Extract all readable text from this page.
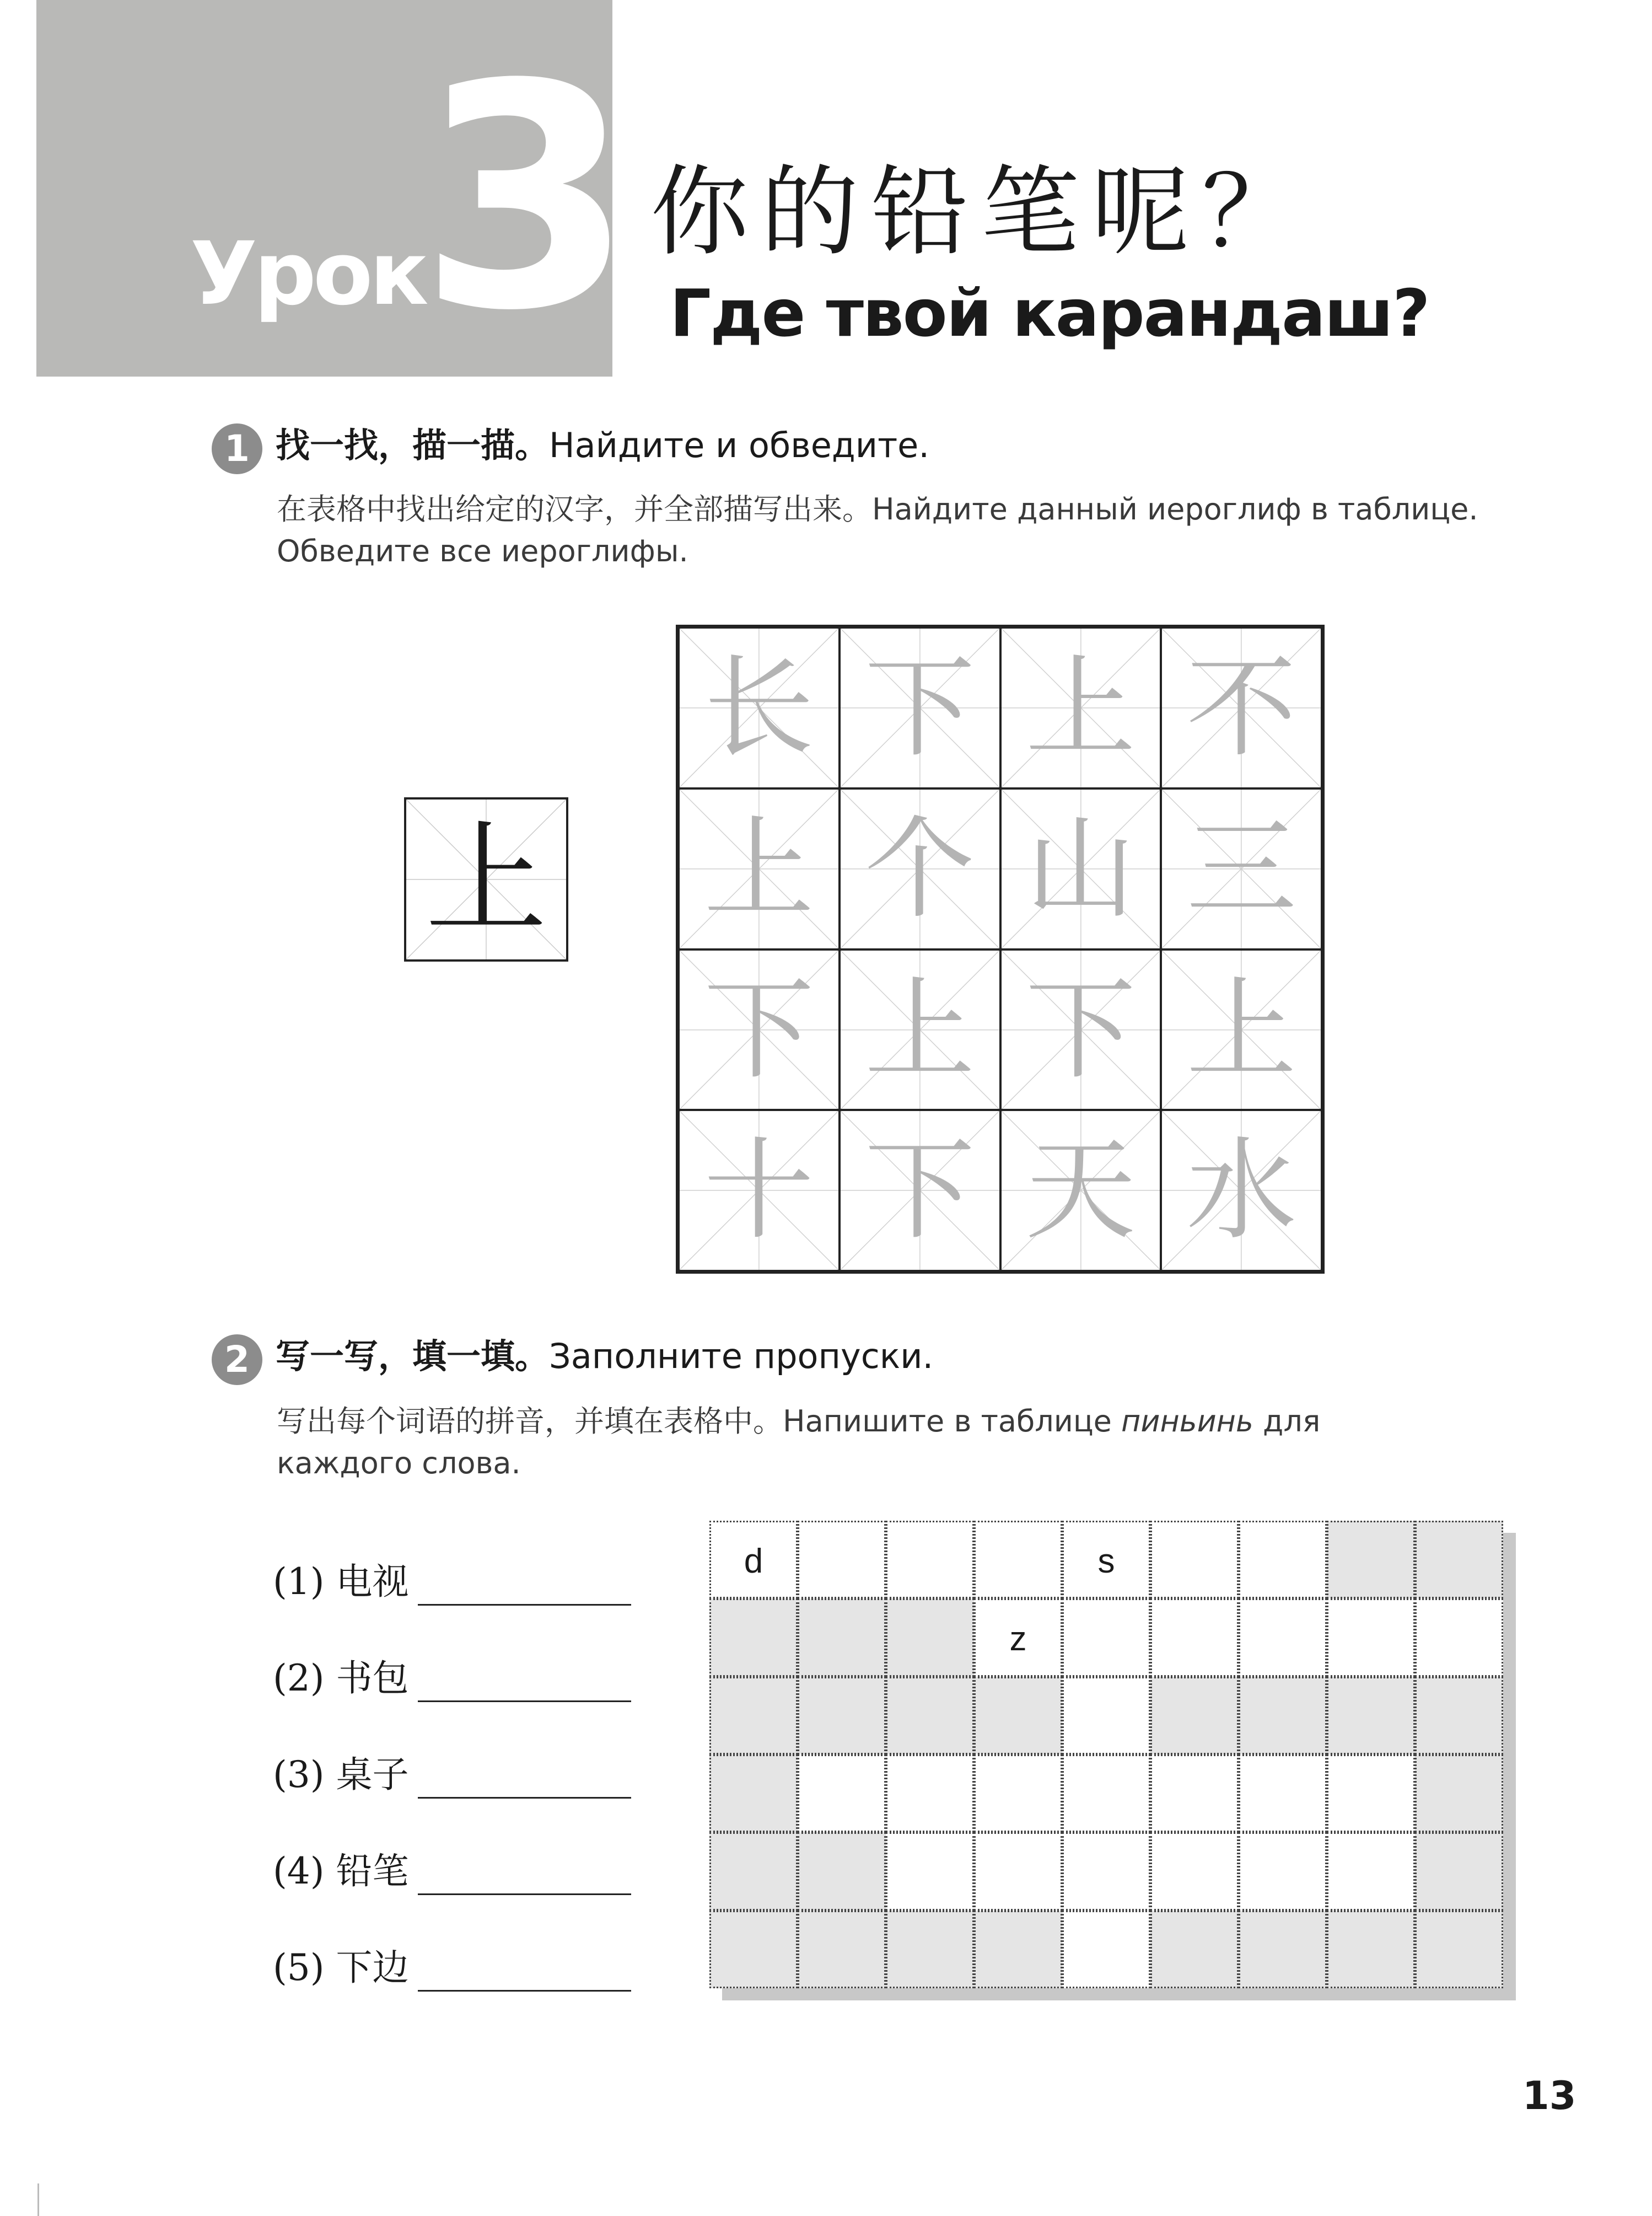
Урок
3 你的铅笔呢？
Где твой карандаш?
1 找一找，描一描。Найдите и обведите.
在表格中找出给定的汉字，并全部描写出来。Найдите данный иероглиф в таблице. Обведите все иероглифы.
上
长 下 上 不
上 个 山 三
下 上 下 上
十 下 天 水
2 写一写，填一填。Заполните пропуски.
写出每个词语的拼音，并填在表格中。Напишите в таблице пиньинь для каждого слова.
(1) 电视
(2) 书包
(3) 桌子
(4) 铅笔
(5) 下边
d	s
z
13
